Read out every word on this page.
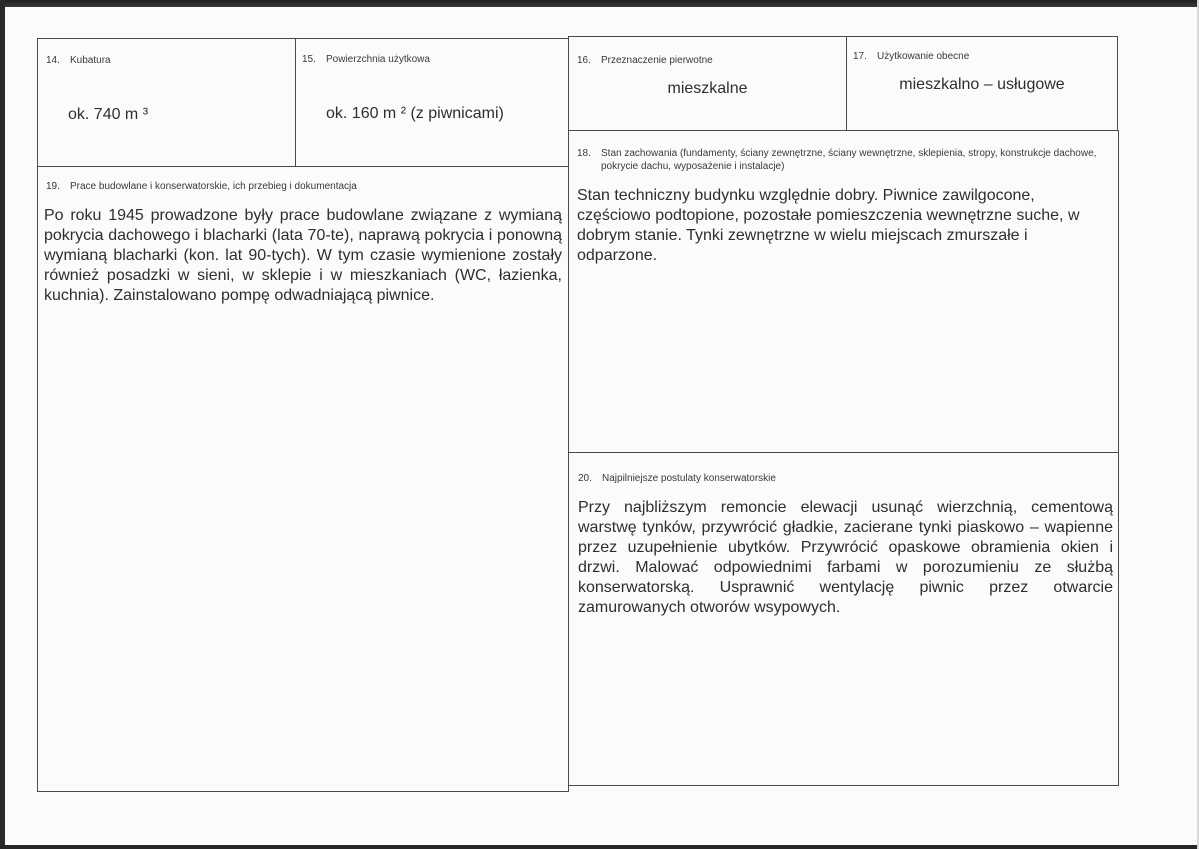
14. Kubatura
ok. 740 m ³
15. Powierzchnia użytkowa
ok. 160 m ² (z piwnicami)
19. Prace budowlane i konserwatorskie, ich przebieg i dokumentacja
Po roku 1945 prowadzone były prace budowlane związane z wymianą pokrycia dachowego i blacharki (lata 70-te), naprawą pokrycia i ponowną wymianą blacharki (kon. lat 90-tych). W tym czasie wymienione zostały również posadzki w sieni, w sklepie i w mieszkaniach (WC, łazienka, kuchnia). Zainstalowano pompę odwadniającą piwnice.
16. Przeznaczenie pierwotne
mieszkalne
17. Użytkowanie obecne
mieszkalno – usługowe
18. Stan zachowania (fundamenty, ściany zewnętrzne, ściany wewnętrzne, sklepienia, stropy, konstrukcje dachowe, pokrycie dachu, wyposażenie i instalacje)
Stan techniczny budynku względnie dobry. Piwnice zawilgocone, częściowo podtopione, pozostałe pomieszczenia wewnętrzne suche, w dobrym stanie. Tynki zewnętrzne w wielu miejscach zmurszałe i odparzone.
20. Najpilniejsze postulaty konserwatorskie
Przy najbliższym remoncie elewacji usunąć wierzchnią, cementową warstwę tynków, przywrócić gładkie, zacierane tynki piaskowo – wapienne przez uzupełnienie ubytków. Przywrócić opaskowe obramienia okien i drzwi. Malować odpowiednimi farbami w porozumieniu ze służbą konserwatorską. Usprawnić wentylację piwnic przez otwarcie zamurowanych otworów wsypowych.
